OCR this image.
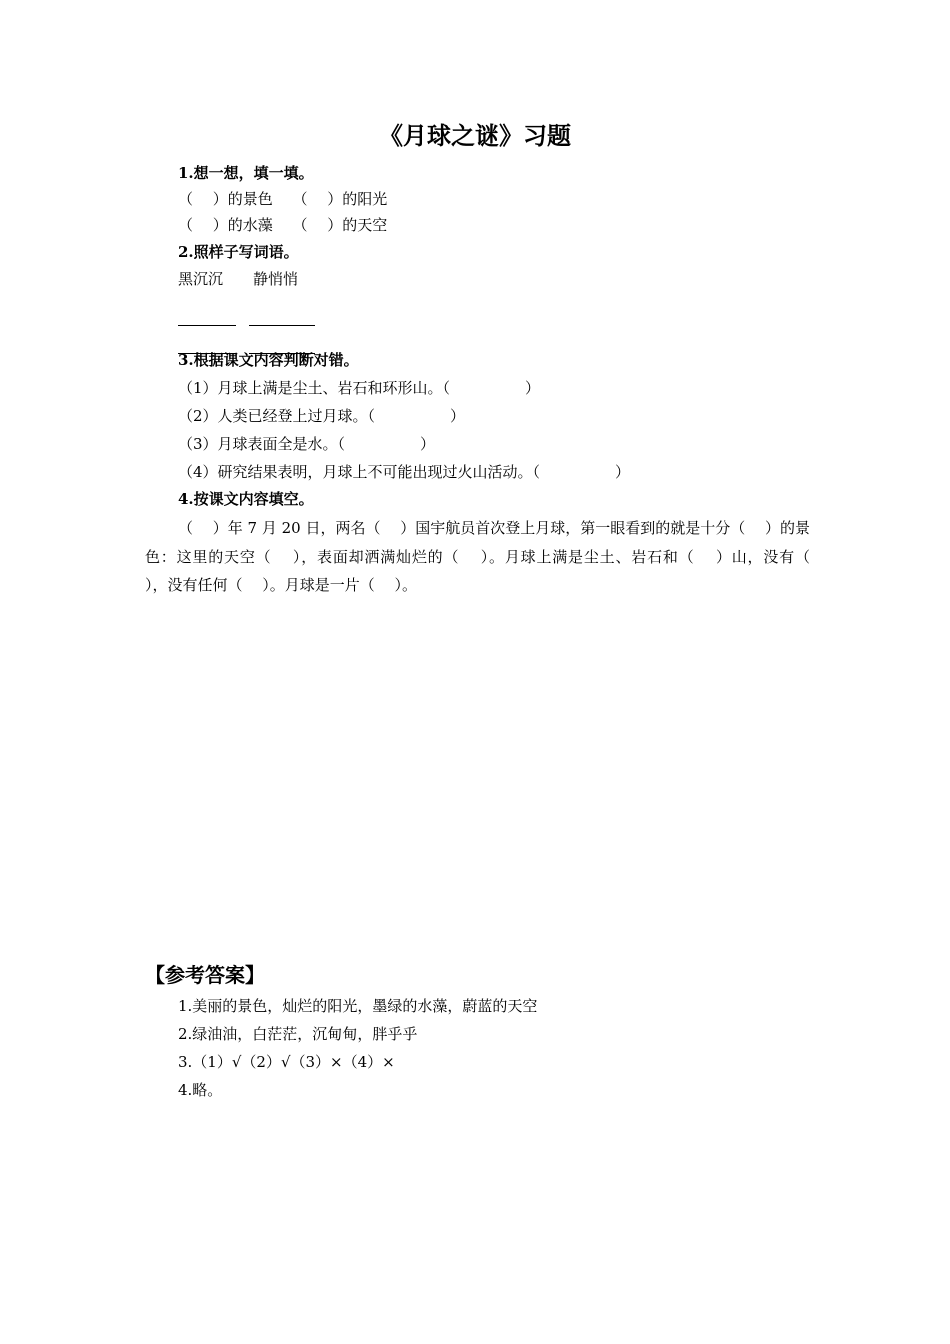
《月球之谜》习题
1.想一想，填一填。
（　 ）的景色　 （　 ）的阳光
（　 ）的水藻　 （　 ）的天空
2.照样子写词语。
黑沉沉　　静悄悄

3.根据课文内容判断对错。
（1）月球上满是尘土、岩石和环形山。（　　　　　）
（2）人类已经登上过月球。（　　　　　）
（3）月球表面全是水。（　　　　　）
（4）研究结果表明，月球上不可能出现过火山活动。（　　　　　）
4.按课文内容填空。
（　 ）年 7 月 20 日，两名（　 ）国宇航员首次登上月球，第一眼看到的就是十分（　 ）的景色：这里的天空（　 ），表面却洒满灿烂的（　 ）。月球上满是尘土、岩石和（　 ）山，没有（　 ），没有任何（　 ）。月球是一片（　 ）。
【参考答案】
1.美丽的景色，灿烂的阳光，墨绿的水藻，蔚蓝的天空
2.绿油油，白茫茫，沉甸甸，胖乎乎
3.（1）√（2）√（3）×（4）×
4.略。
